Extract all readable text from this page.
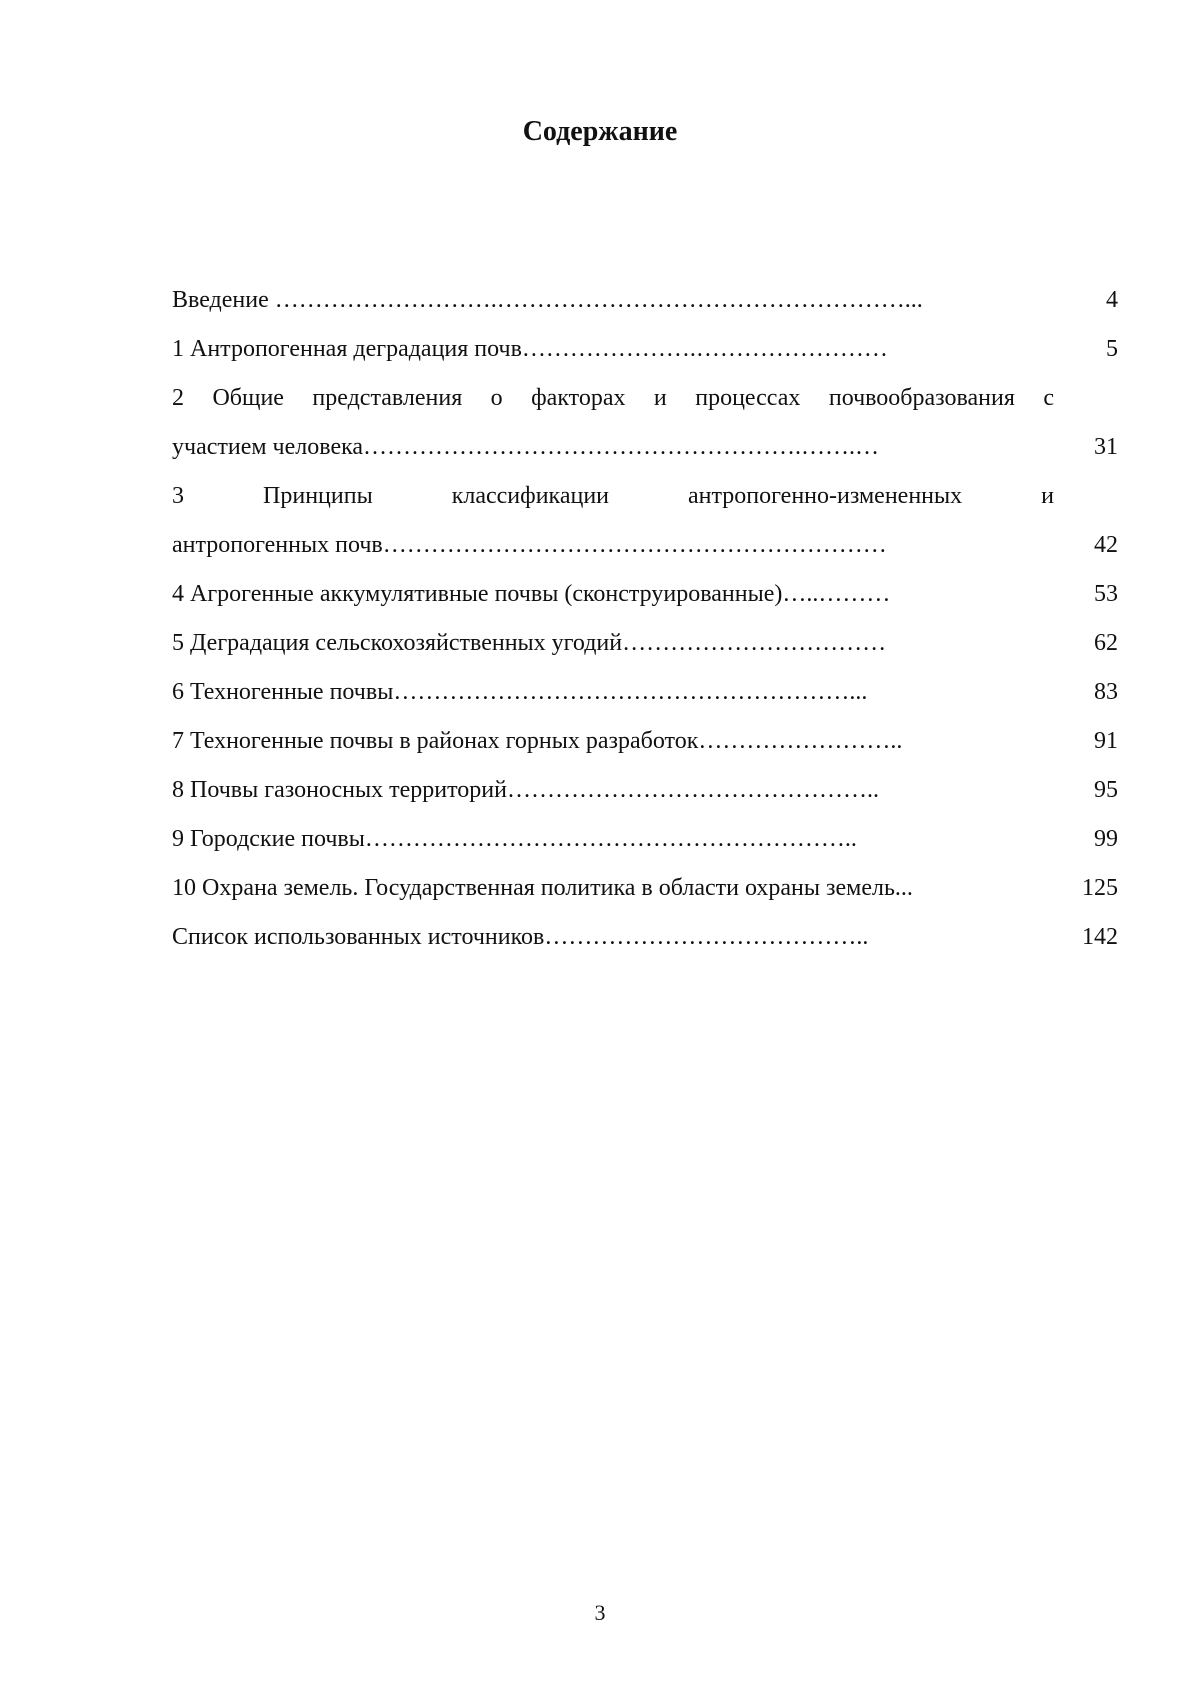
Содержание
Введение ……………………….……………………………………………...	4
1 Антропогенная деградация почв………………….……………………	5
2 Общие представления о факторах и процессах почвообразования с
участием человека……………………………………………….…….…	31
3 Принципы классификации антропогенно-измененных и
антропогенных почв………………………………………………………	42
4 Агрогенные аккумулятивные почвы (сконструированные)…..………	53
5 Деградация сельскохозяйственных угодий……………………………	62
6 Техногенные почвы…………………………………………………...	83
7 Техногенные почвы в районах горных разработок……………………..	91
8 Почвы газоносных территорий………………………………………..	95
9 Городские почвы……………………………………………………..	99
10 Охрана земель. Государственная политика в области охраны земель...	125
Список использованных источников…………………………………..	142
3
